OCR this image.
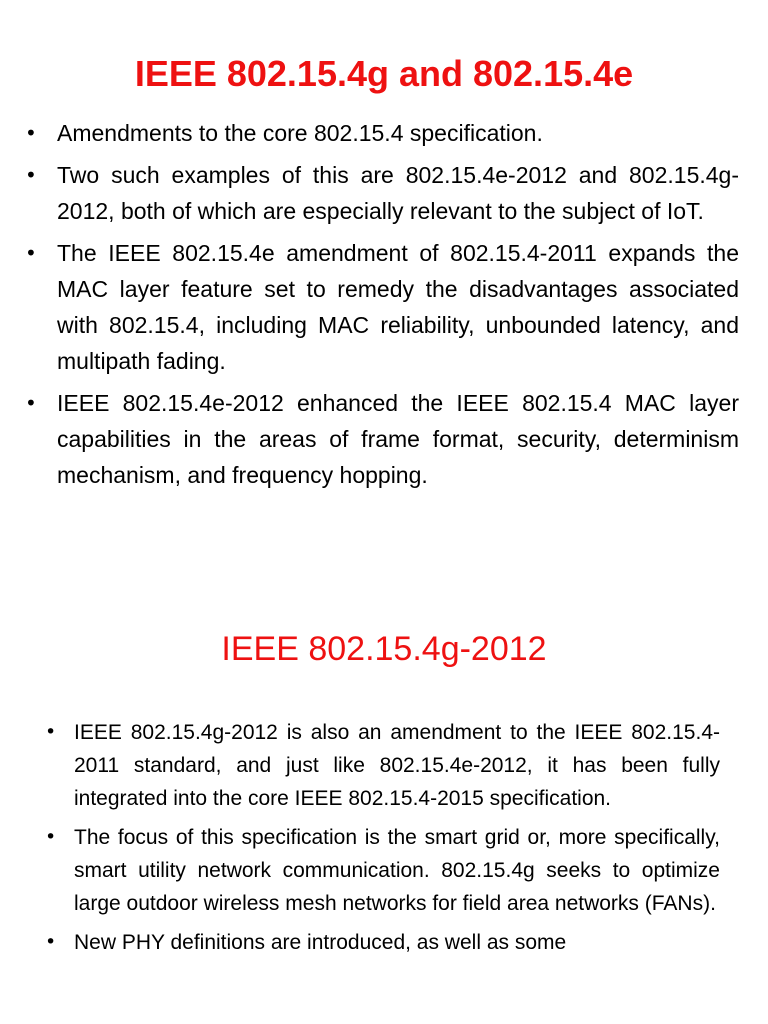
IEEE 802.15.4g and 802.15.4e
• Amendments to the core 802.15.4 specification.
• Two such examples of this are 802.15.4e-2012 and 802.15.4g-2012, both of which are especially relevant to the subject of IoT.
• The IEEE 802.15.4e amendment of 802.15.4-2011 expands the MAC layer feature set to remedy the disadvantages associated with 802.15.4, including MAC reliability, unbounded latency, and multipath fading.
• IEEE 802.15.4e-2012 enhanced the IEEE 802.15.4 MAC layer capabilities in the areas of frame format, security, determinism mechanism, and frequency hopping.
IEEE 802.15.4g-2012
• IEEE 802.15.4g-2012 is also an amendment to the IEEE 802.15.4-2011 standard, and just like 802.15.4e-2012, it has been fully integrated into the core IEEE 802.15.4-2015 specification.
• The focus of this specification is the smart grid or, more specifically, smart utility network communication. 802.15.4g seeks to optimize large outdoor wireless mesh networks for field area networks (FANs).
• New PHY definitions are introduced, as well as some
